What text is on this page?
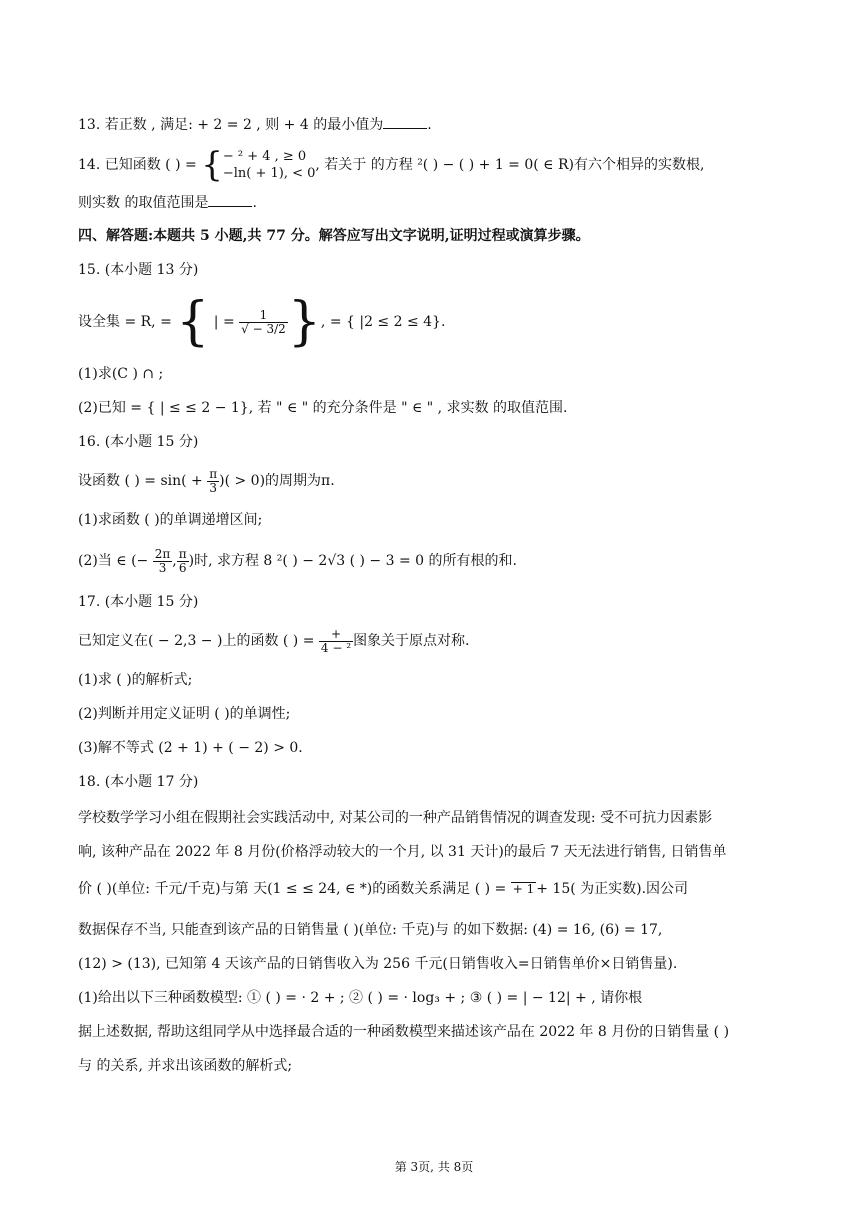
13. 若正数 , 满足: + 2 = 2 , 则 + 4 的最小值为	.
14. 已知函数 ( ) = { − ² + 4 , ≥ 0
−ln( + 1), < 0
, 若关于 的方程 ²( ) − ( ) + 1 = 0( ∈ R)有六个相异的实数根,
则实数 的取值范围是	.
四、解答题:本题共 5 小题,共 77 分。解答应写出文字说明,证明过程或演算步骤。
15. (本小题 13 分)
设全集 = R, = { | = $\frac{1}{√ - 3/2}$ }, = { |2 ≤ 2 ≤ 4}.
(1)求(C ) ∩ ;
(2)已知 = { | ≤ ≤ 2 − 1}, 若 " ∈ " 的充分条件是 " ∈ " , 求实数 的取值范围.
16. (本小题 15 分)
设函数 ( ) = $\sin( + \frac{\pi}{3}$ )( > 0)的周期为π.
(1)求函数 ( )的单调递增区间;
(2)当 ∈ (− $\frac{2\pi}{3}$ , $\frac{\pi}{6}$ )时, 求方程 8 ²( ) − 2√3 ( ) − 3 = 0 的所有根的和.
17. (本小题 15 分)
已知定义在( − 2,3 − )上的函数 ( ) = $\frac{+}{\text{4 − ²}}$ 图象关于原点对称.
(1)求 ( )的解析式;
(2)判断并用定义证明 ( )的单调性;
(3)解不等式 (2 + 1) + ( − 2) > 0.
18. (本小题 17 分)
学校数学学习小组在假期社会实践活动中, 对某公司的一种产品销售情况的调查发现: 受不可抗力因素影
响, 该种产品在 2022 年 8 月份(价格浮动较大的一个月, 以 31 天计)的最后 7 天无法进行销售, 日销售单
价 ( )(单位: 千元/千克)与第 天(1 ≤ ≤ 24, ∈ *)的函数关系满足 ( ) = + 1 + 15( 为正实数).因公司
数据保存不当, 只能查到该产品的日销售量 ( )(单位: 千克)与 的如下数据: (4) = 16, (6) = 17,
(12) > (13), 已知第 4 天该产品的日销售收入为 256 千元(日销售收入=日销售单价×日销售量).
(1)给出以下三种函数模型: ① ( ) = · 2 + ; ② ( ) = · log₃ + ; ③ ( ) = | − 12| + , 请你根
据上述数据, 帮助这组同学从中选择最合适的一种函数模型来描述该产品在 2022 年 8 月份的日销售量 ( )
与 的关系, 并求出该函数的解析式;
第 3页, 共 8页
